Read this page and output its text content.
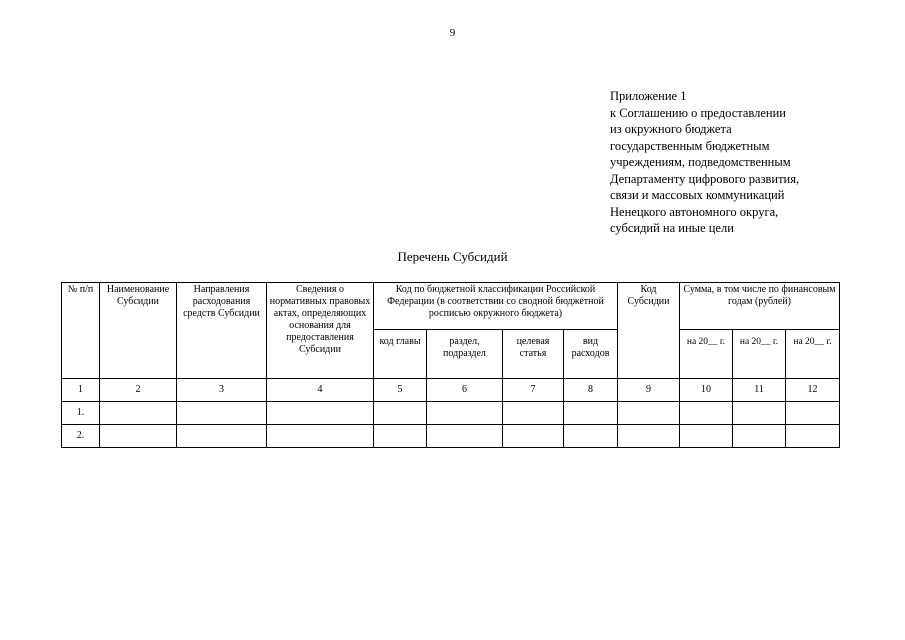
9
Приложение 1
к Соглашению о предоставлении
из окружного бюджета
государственным бюджетным
учреждениям, подведомственным
Департаменту цифрового развития,
связи и массовых коммуникаций
Ненецкого автономного округа,
субсидий на иные цели
Перечень Субсидий
№ п/п	Наименование Субсидии	Направления расходования средств Субсидии	Сведения о нормативных правовых актах, определяющих основания для предоставления Субсидии	Код по бюджетной классификации Российской Федерации (в соответствии со сводной бюджетной росписью окружного бюджета)				Код Субсидии	Сумма, в том числе по финансовым годам (рублей)		
				код главы	раздел, подраздел	целевая статья	вид расходов		на 20__ г.	на 20__ г.	на 20__ г.
1	2	3	4	5	6	7	8	9	10	11	12
1.											
2.											
